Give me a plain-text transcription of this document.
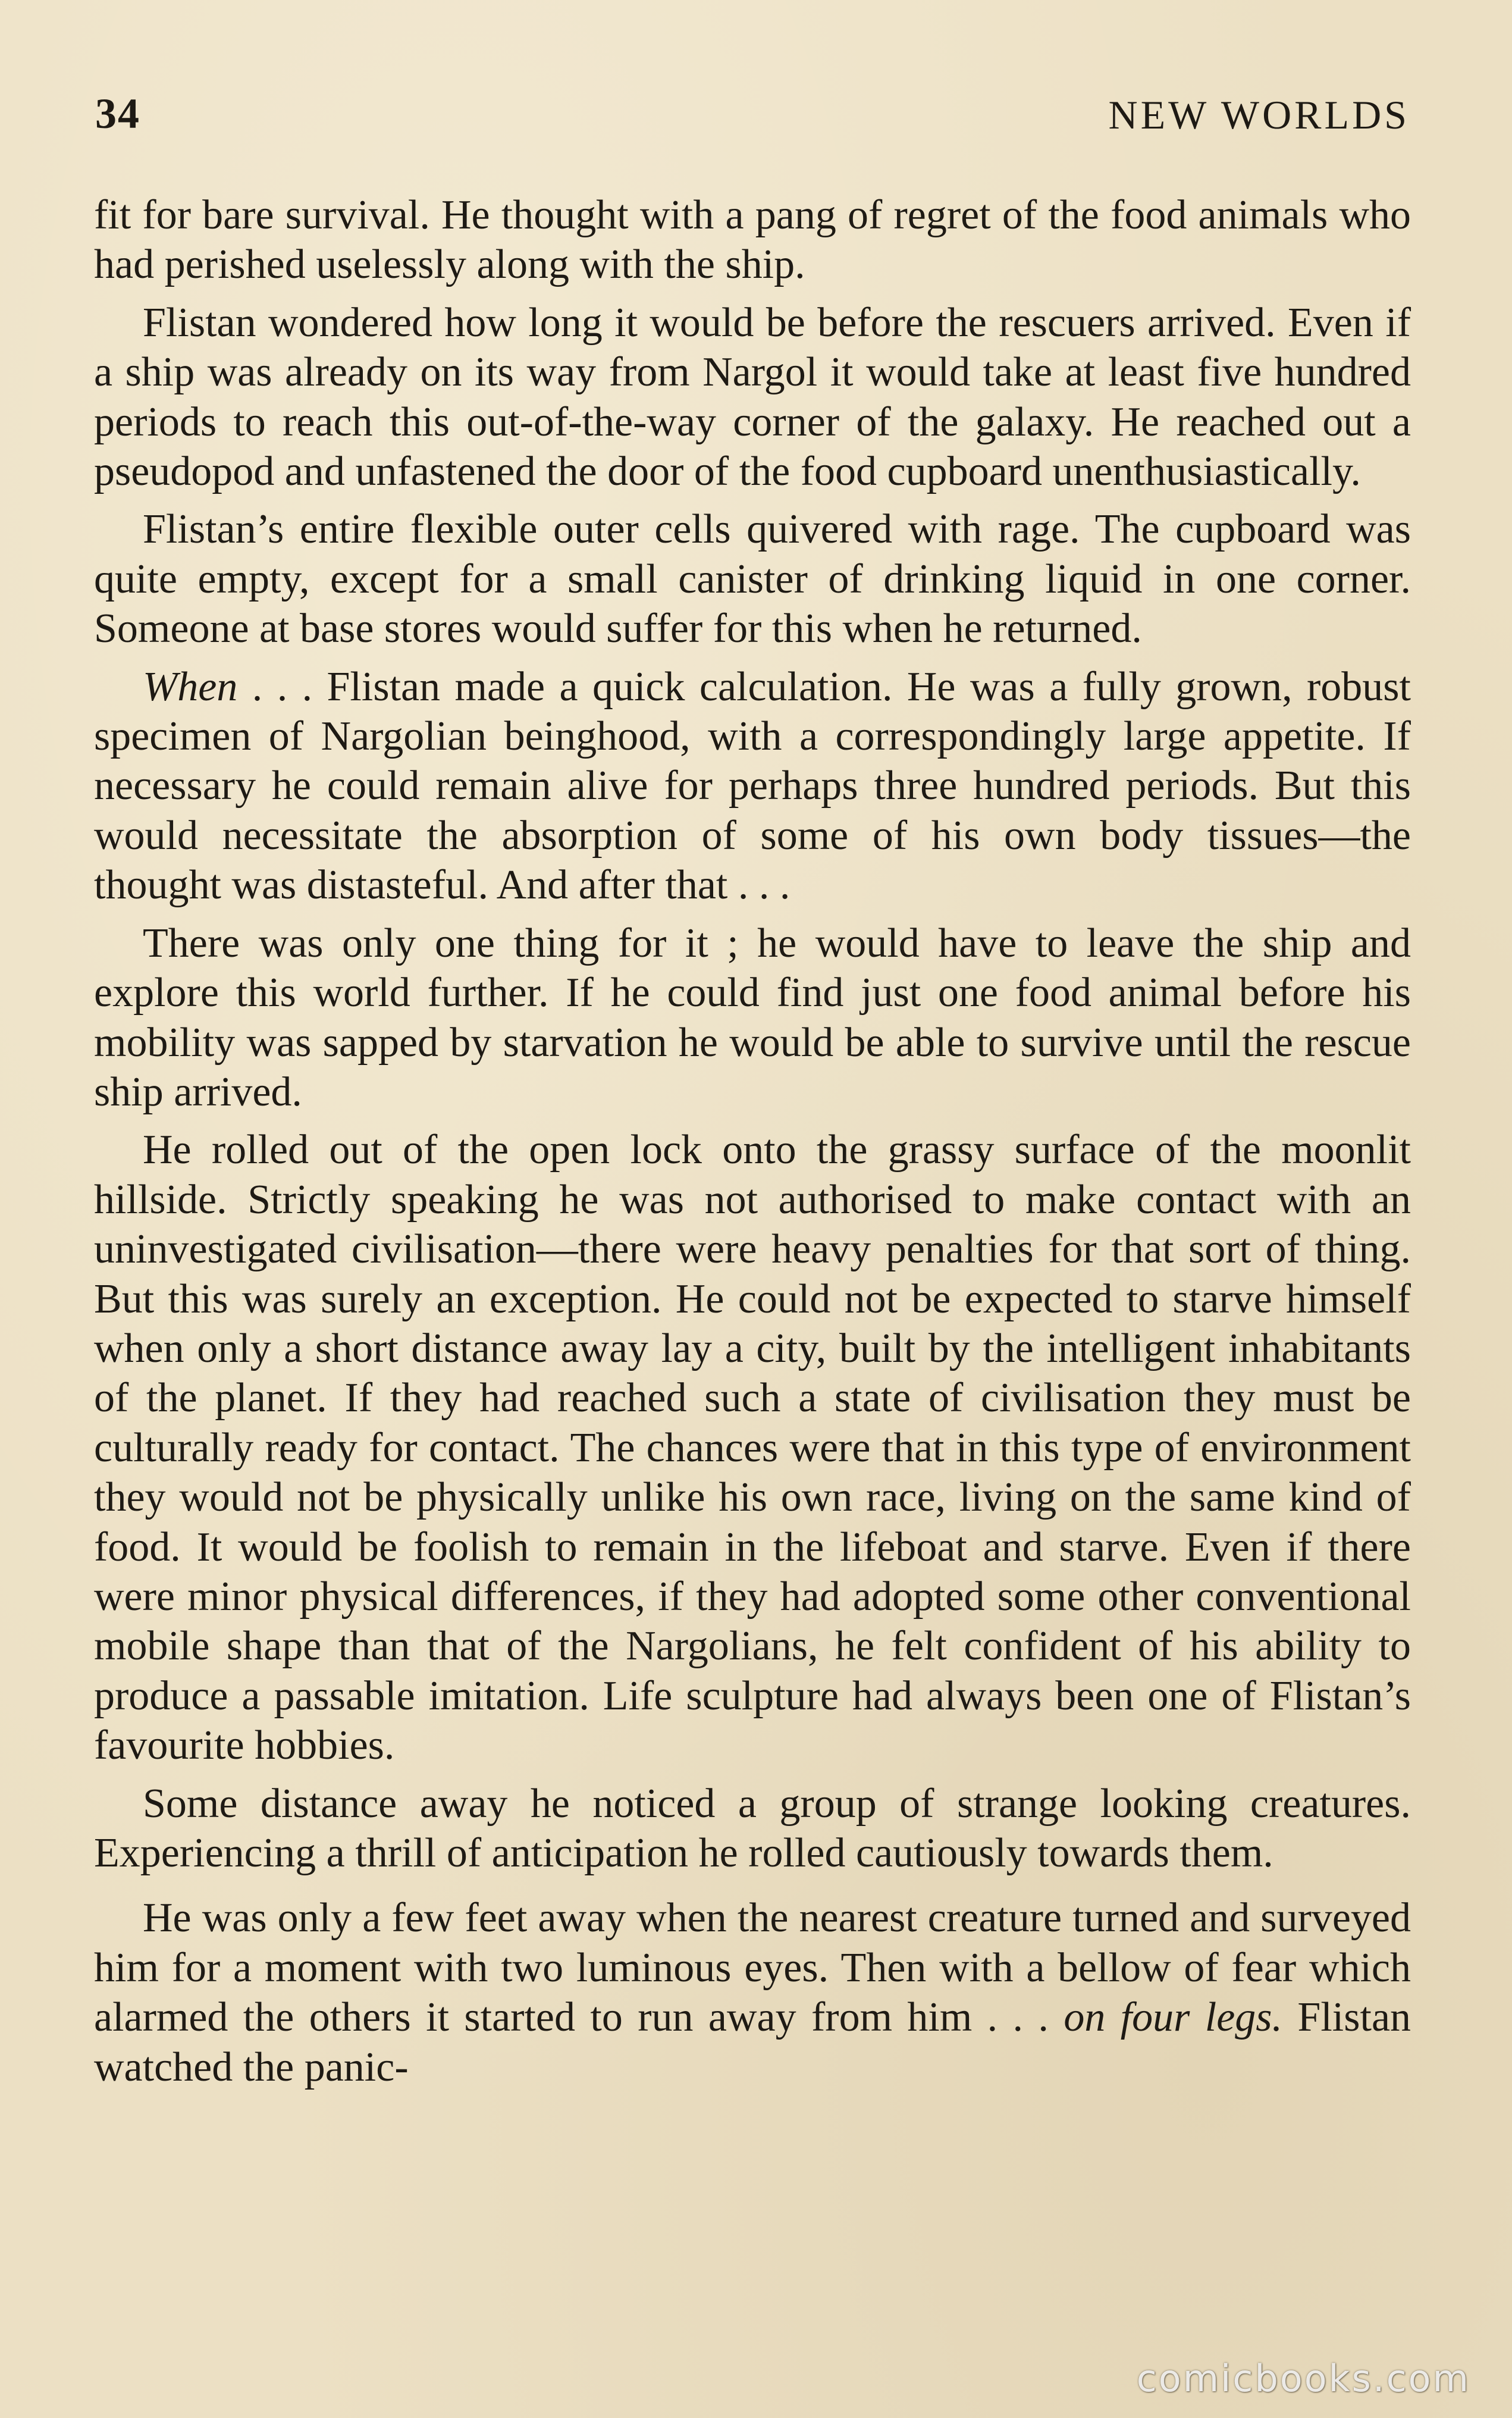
34	NEW WORLDS

fit for bare survival. He thought with a pang of regret of the food animals who had perished uselessly along with the ship.

Flistan wondered how long it would be before the rescuers arrived. Even if a ship was already on its way from Nargol it would take at least five hundred periods to reach this out-of-the-way corner of the galaxy. He reached out a pseudopod and unfastened the door of the food cupboard unenthusiastically.

Flistan’s entire flexible outer cells quivered with rage. The cupboard was quite empty, except for a small canister of drinking liquid in one corner. Someone at base stores would suffer for this when he returned.

When . . . Flistan made a quick calculation. He was a fully grown, robust specimen of Nargolian beinghood, with a correspondingly large appetite. If necessary he could remain alive for perhaps three hundred periods. But this would necessitate the absorption of some of his own body tissues—the thought was distasteful. And after that . . .

There was only one thing for it ; he would have to leave the ship and explore this world further. If he could find just one food animal before his mobility was sapped by starvation he would be able to survive until the rescue ship arrived.

He rolled out of the open lock onto the grassy surface of the moonlit hillside. Strictly speaking he was not authorised to make contact with an uninvestigated civilisation—there were heavy penalties for that sort of thing. But this was surely an exception. He could not be expected to starve himself when only a short distance away lay a city, built by the intelligent inhabitants of the planet. If they had reached such a state of civilisation they must be culturally ready for contact. The chances were that in this type of environment they would not be physically unlike his own race, living on the same kind of food. It would be foolish to remain in the lifeboat and starve. Even if there were minor physical differences, if they had adopted some other conventional mobile shape than that of the Nargolians, he felt confident of his ability to produce a passable imitation. Life sculpture had always been one of Flistan’s favourite hobbies.

Some distance away he noticed a group of strange looking creatures. Experiencing a thrill of anticipation he rolled cautiously towards them.

He was only a few feet away when the nearest creature turned and surveyed him for a moment with two luminous eyes. Then with a bellow of fear which alarmed the others it started to run away from him . . . on four legs. Flistan watched the panic-

comicbooks.com
